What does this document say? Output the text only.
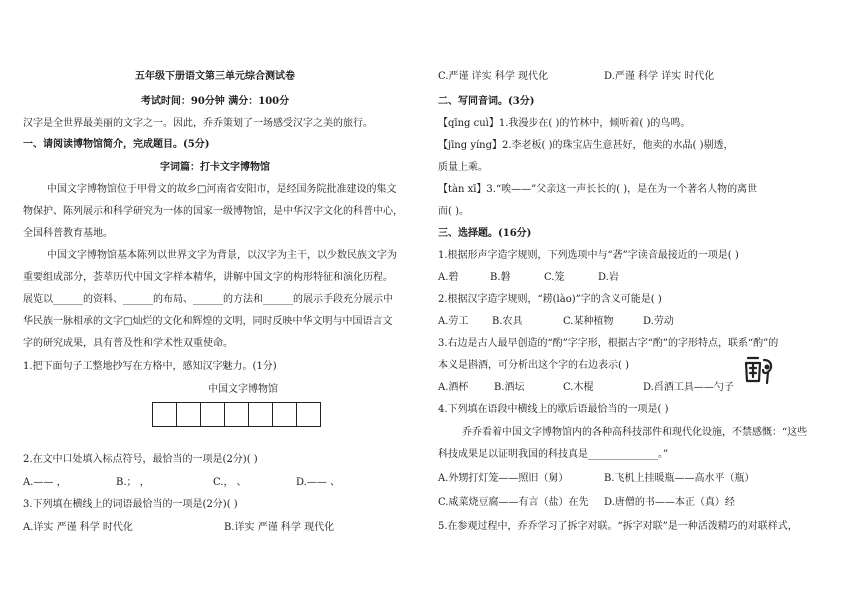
五年级下册语文第三单元综合测试卷
考试时间：90分钟 满分：100分
汉字是全世界最美丽的文字之一。因此，乔乔策划了一场感受汉字之美的旅行。
一、请阅读博物馆简介，完成题目。(5分)
字词篇：打卡文字博物馆
中国文字博物馆位于甲骨文的故乡□河南省安阳市，是经国务院批准建设的集文
物保护、陈列展示和科学研究为一体的国家一级博物馆，是中华汉字文化的科普中心，
全国科普教育基地。
中国文字博物馆基本陈列以世界文字为背景，以汉字为主干，以少数民族文字为
重要组成部分，荟萃历代中国文字样本精华，讲解中国文字的构形特征和演化历程。
展览以______的资料、______的布局、______的方法和______的展示手段充分展示中
华民族一脉相承的文字□灿烂的文化和辉煌的文明，同时反映中华文明与中国语言文
字的研究成果，具有普及性和学术性双重使命。
1.把下面句子工整地抄写在方格中，感知汉字魅力。(1分)
中国文字博物馆
2.在文中口处填入标点符号，最恰当的一项是(2分)( )
A.—— ，	B.； ，	C.， 、	D.—— 、
3.下列填在横线上的词语最恰当的一项是(2分)( )
A.详实 严谨 科学 时代化	B.详实 严谨 科学 现代化
C.严谨 详实 科学 现代化	D.严谨 科学 详实 时代化
二、写同音词。(3分)
【qīng cuì】1.我漫步在( )的竹林中，倾听着( )的鸟鸣。
【jīng yíng】2.李老板( )的珠宝店生意甚好，他卖的水晶( )剔透，
质量上乘。
【tàn xī】3.“唉——”父亲这一声长长的( )，是在为一个著名人物的离世
而( )。
三、选择题。(16分)
1.根据形声字造字规则，下列选项中与“砻”字读音最接近的一项是( )
A.碧	B.磐	C.笼	D.岩
2.根据汉字造字规则，“耢(lào)”字的含义可能是( )
A.劳工 B.农具	C.某种植物	D.劳动
3.右边是古人最早创造的“酌”字字形，根据古字“酌”的字形特点，联系“酌”的
本义是斟酒，可分析出这个字的右边表示( )
A.酒杯	B.酒坛	C.木棍	D.舀酒工具——勺子
4.下列填在语段中横线上的歇后语最恰当的一项是( )
乔乔看着中国文字博物馆内的各种高科技部件和现代化设施，不禁感慨：“这些
科技成果足以证明我国的科技真是______________。”
A.外甥打灯笼——照旧（舅）	B.飞机上挂暖瓶——高水平（瓶）
C.咸菜烧豆腐——有言（盐）在先 D.唐僧的书——本正（真）经
5.在参观过程中，乔乔学习了拆字对联。“拆字对联”是一种活泼精巧的对联样式，
